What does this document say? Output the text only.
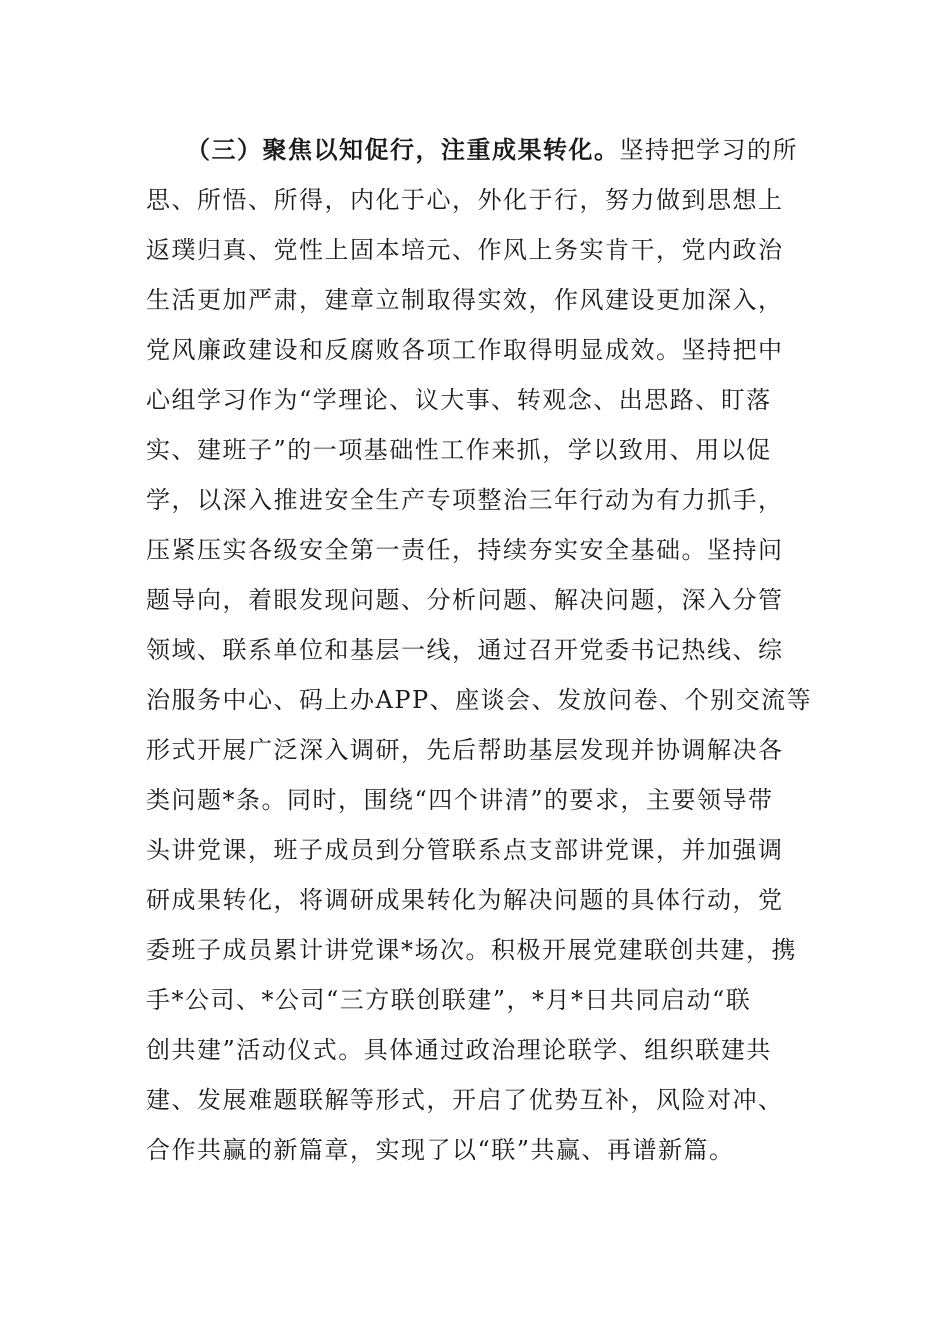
（三）聚焦以知促行，注重成果转化。坚持把学习的所
思、所悟、所得，内化于心，外化于行，努力做到思想上
返璞归真、党性上固本培元、作风上务实肯干，党内政治
生活更加严肃，建章立制取得实效，作风建设更加深入，
党风廉政建设和反腐败各项工作取得明显成效。坚持把中
心组学习作为“学理论、议大事、转观念、出思路、盯落
实、建班子”的一项基础性工作来抓，学以致用、用以促
学，以深入推进安全生产专项整治三年行动为有力抓手，
压紧压实各级安全第一责任，持续夯实安全基础。坚持问
题导向，着眼发现问题、分析问题、解决问题，深入分管
领域、联系单位和基层一线，通过召开党委书记热线、综
治服务中心、码上办APP、座谈会、发放问卷、个别交流等
形式开展广泛深入调研，先后帮助基层发现并协调解决各
类问题*条。同时，围绕“四个讲清”的要求，主要领导带
头讲党课，班子成员到分管联系点支部讲党课，并加强调
研成果转化，将调研成果转化为解决问题的具体行动，党
委班子成员累计讲党课*场次。积极开展党建联创共建，携
手*公司、*公司“三方联创联建”，*月*日共同启动“联
创共建”活动仪式。具体通过政治理论联学、组织联建共
建、发展难题联解等形式，开启了优势互补，风险对冲、
合作共赢的新篇章，实现了以“联”共赢、再谱新篇。
